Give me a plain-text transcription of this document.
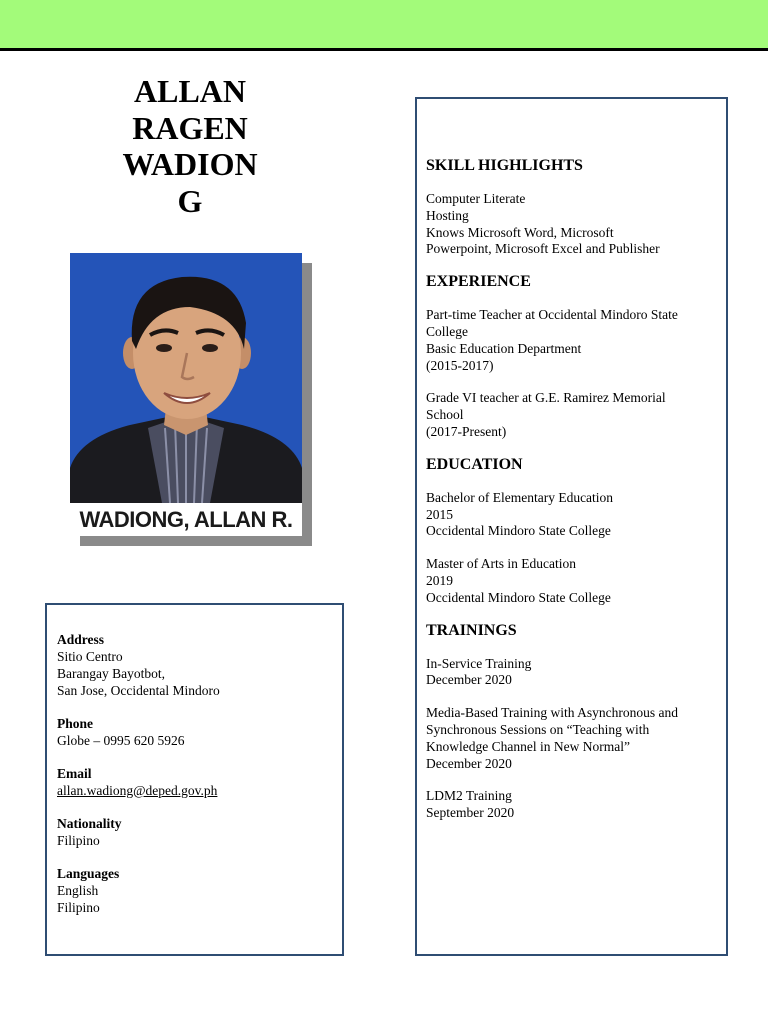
ALLAN
RAGEN
WADION
G
WADIONG, ALLAN R.
Address
Sitio Centro
Barangay Bayotbot,
San Jose, Occidental Mindoro
Phone
Globe – 0995 620 5926
Email
allan.wadiong@deped.gov.ph
Nationality
Filipino
Languages
English
Filipino
SKILL HIGHLIGHTS
Computer Literate
Hosting
Knows Microsoft Word, Microsoft
Powerpoint, Microsoft Excel and Publisher
EXPERIENCE
Part-time Teacher at Occidental Mindoro State
College
Basic Education Department
(2015-2017)
Grade VI teacher at G.E. Ramirez Memorial
School
(2017-Present)
EDUCATION
Bachelor of Elementary Education
2015
Occidental Mindoro State College
Master of Arts in Education
2019
Occidental Mindoro State College
TRAININGS
In-Service Training
December 2020
Media-Based Training with Asynchronous and
Synchronous Sessions on “Teaching with
Knowledge Channel in New Normal”
December 2020
LDM2 Training
September 2020
